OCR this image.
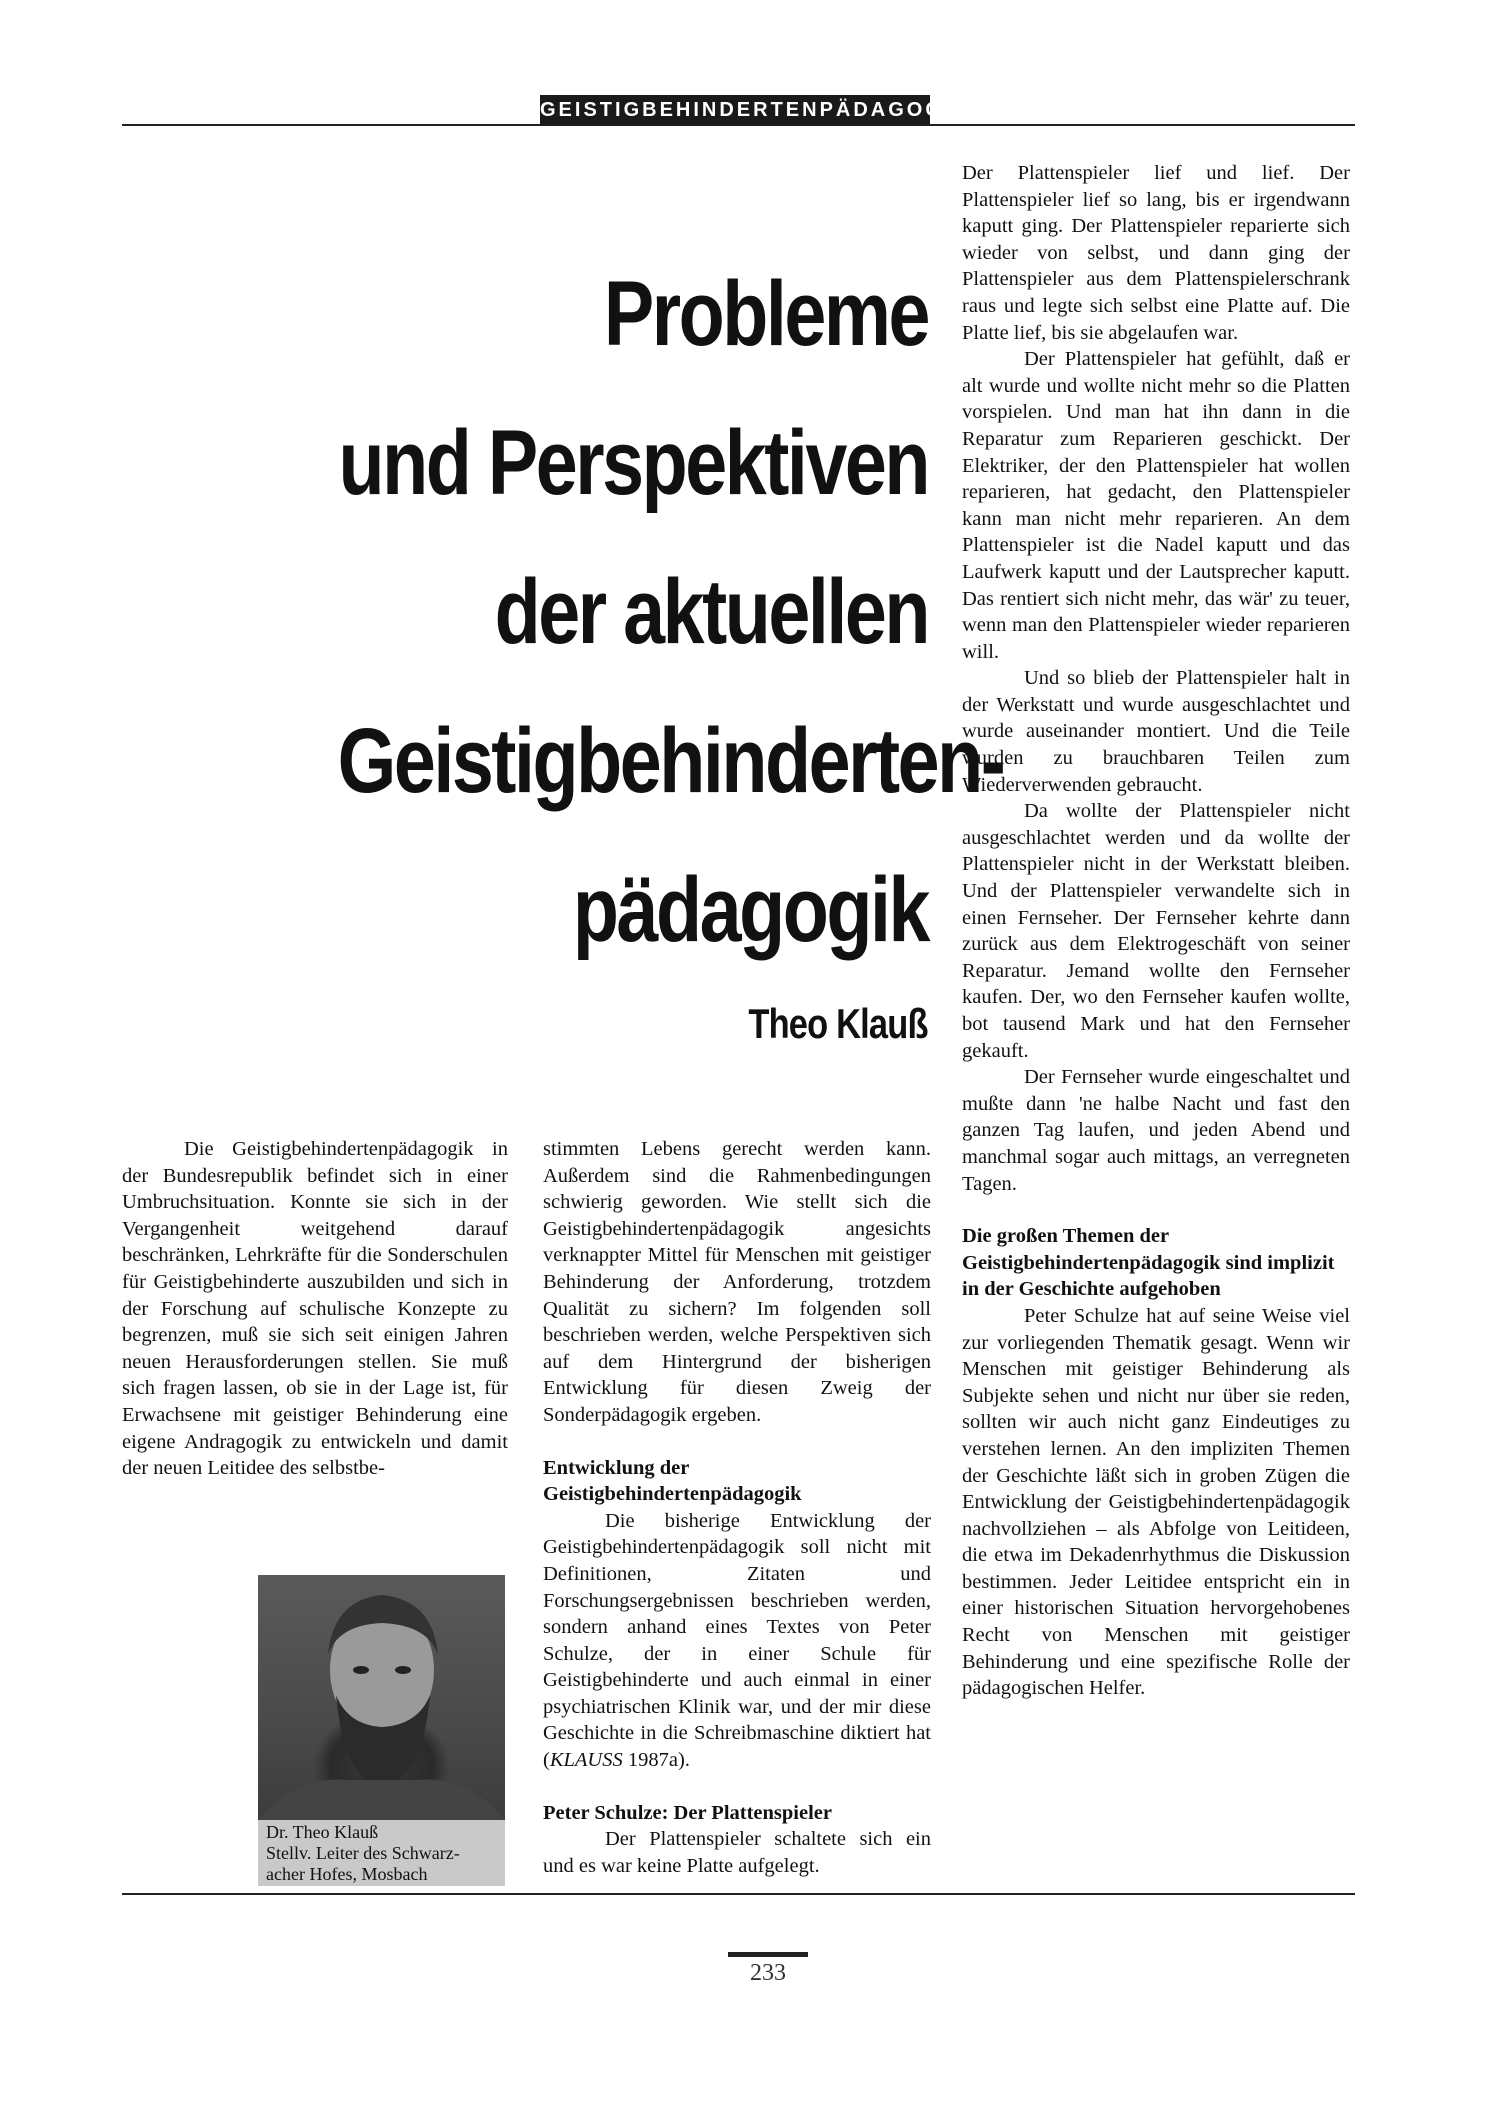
GEISTIGBEHINDERTENPÄDAGOGIK
Probleme
und Perspektiven
der aktuellen
Geistigbehinderten-
pädagogik
Theo Klauß

Die Geistigbehindertenpädagogik in der Bundesrepublik befindet sich in einer Umbruchsituation. Konnte sie sich in der Vergangenheit weitgehend darauf beschränken, Lehrkräfte für die Sonderschulen für Geistigbehinderte auszubilden und sich in der Forschung auf schulische Konzepte zu begrenzen, muß sie sich seit einigen Jahren neuen Herausforderungen stellen. Sie muß sich fragen lassen, ob sie in der Lage ist, für Erwachsene mit geistiger Behinderung eine eigene Andragogik zu entwickeln und damit der neuen Leitidee des selbstbe-

Dr. Theo Klauß
Stellv. Leiter des Schwarz-
acher Hofes, Mosbach

stimmten Lebens gerecht werden kann. Außerdem sind die Rahmenbedingungen schwierig geworden. Wie stellt sich die Geistigbehindertenpädagogik angesichts verknappter Mittel für Menschen mit geistiger Behinderung der Anforderung, trotzdem Qualität zu sichern? Im folgenden soll beschrieben werden, welche Perspektiven sich auf dem Hintergrund der bisherigen Entwicklung für diesen Zweig der Sonderpädagogik ergeben.

Entwicklung der Geistigbehindertenpädagogik

Die bisherige Entwicklung der Geistigbehindertenpädagogik soll nicht mit Definitionen, Zitaten und Forschungsergebnissen beschrieben werden, sondern anhand eines Textes von Peter Schulze, der in einer Schule für Geistigbehinderte und auch einmal in einer psychiatrischen Klinik war, und der mir diese Geschichte in die Schreibmaschine diktiert hat (KLAUSS 1987a).

Peter Schulze: Der Plattenspieler

Der Plattenspieler schaltete sich ein und es war keine Platte aufgelegt.

Der Plattenspieler lief und lief. Der Plattenspieler lief so lang, bis er irgendwann kaputt ging. Der Plattenspieler reparierte sich wieder von selbst, und dann ging der Plattenspieler aus dem Plattenspielerschrank raus und legte sich selbst eine Platte auf. Die Platte lief, bis sie abgelaufen war.

Der Plattenspieler hat gefühlt, daß er alt wurde und wollte nicht mehr so die Platten vorspielen. Und man hat ihn dann in die Reparatur zum Reparieren geschickt. Der Elektriker, der den Plattenspieler hat wollen reparieren, hat gedacht, den Plattenspieler kann man nicht mehr reparieren. An dem Plattenspieler ist die Nadel kaputt und das Laufwerk kaputt und der Lautsprecher kaputt. Das rentiert sich nicht mehr, das wär' zu teuer, wenn man den Plattenspieler wieder reparieren will.

Und so blieb der Plattenspieler halt in der Werkstatt und wurde ausgeschlachtet und wurde auseinander montiert. Und die Teile wurden zu brauchbaren Teilen zum Wiederverwenden gebraucht.

Da wollte der Plattenspieler nicht ausgeschlachtet werden und da wollte der Plattenspieler nicht in der Werkstatt bleiben. Und der Plattenspieler verwandelte sich in einen Fernseher. Der Fernseher kehrte dann zurück aus dem Elektrogeschäft von seiner Reparatur. Jemand wollte den Fernseher kaufen. Der, wo den Fernseher kaufen wollte, bot tausend Mark und hat den Fernseher gekauft.

Der Fernseher wurde eingeschaltet und mußte dann 'ne halbe Nacht und fast den ganzen Tag laufen, und jeden Abend und manchmal sogar auch mittags, an verregneten Tagen.

Die großen Themen der Geistigbehindertenpädagogik sind implizit in der Geschichte aufgehoben

Peter Schulze hat auf seine Weise viel zur vorliegenden Thematik gesagt. Wenn wir Menschen mit geistiger Behinderung als Subjekte sehen und nicht nur über sie reden, sollten wir auch nicht ganz Eindeutiges zu verstehen lernen. An den impliziten Themen der Geschichte läßt sich in groben Zügen die Entwicklung der Geistigbehindertenpädagogik nachvollziehen – als Abfolge von Leitideen, die etwa im Dekadenrhythmus die Diskussion bestimmen. Jeder Leitidee entspricht ein in einer historischen Situation hervorgehobenes Recht von Menschen mit geistiger Behinderung und eine spezifische Rolle der pädagogischen Helfer.

233
